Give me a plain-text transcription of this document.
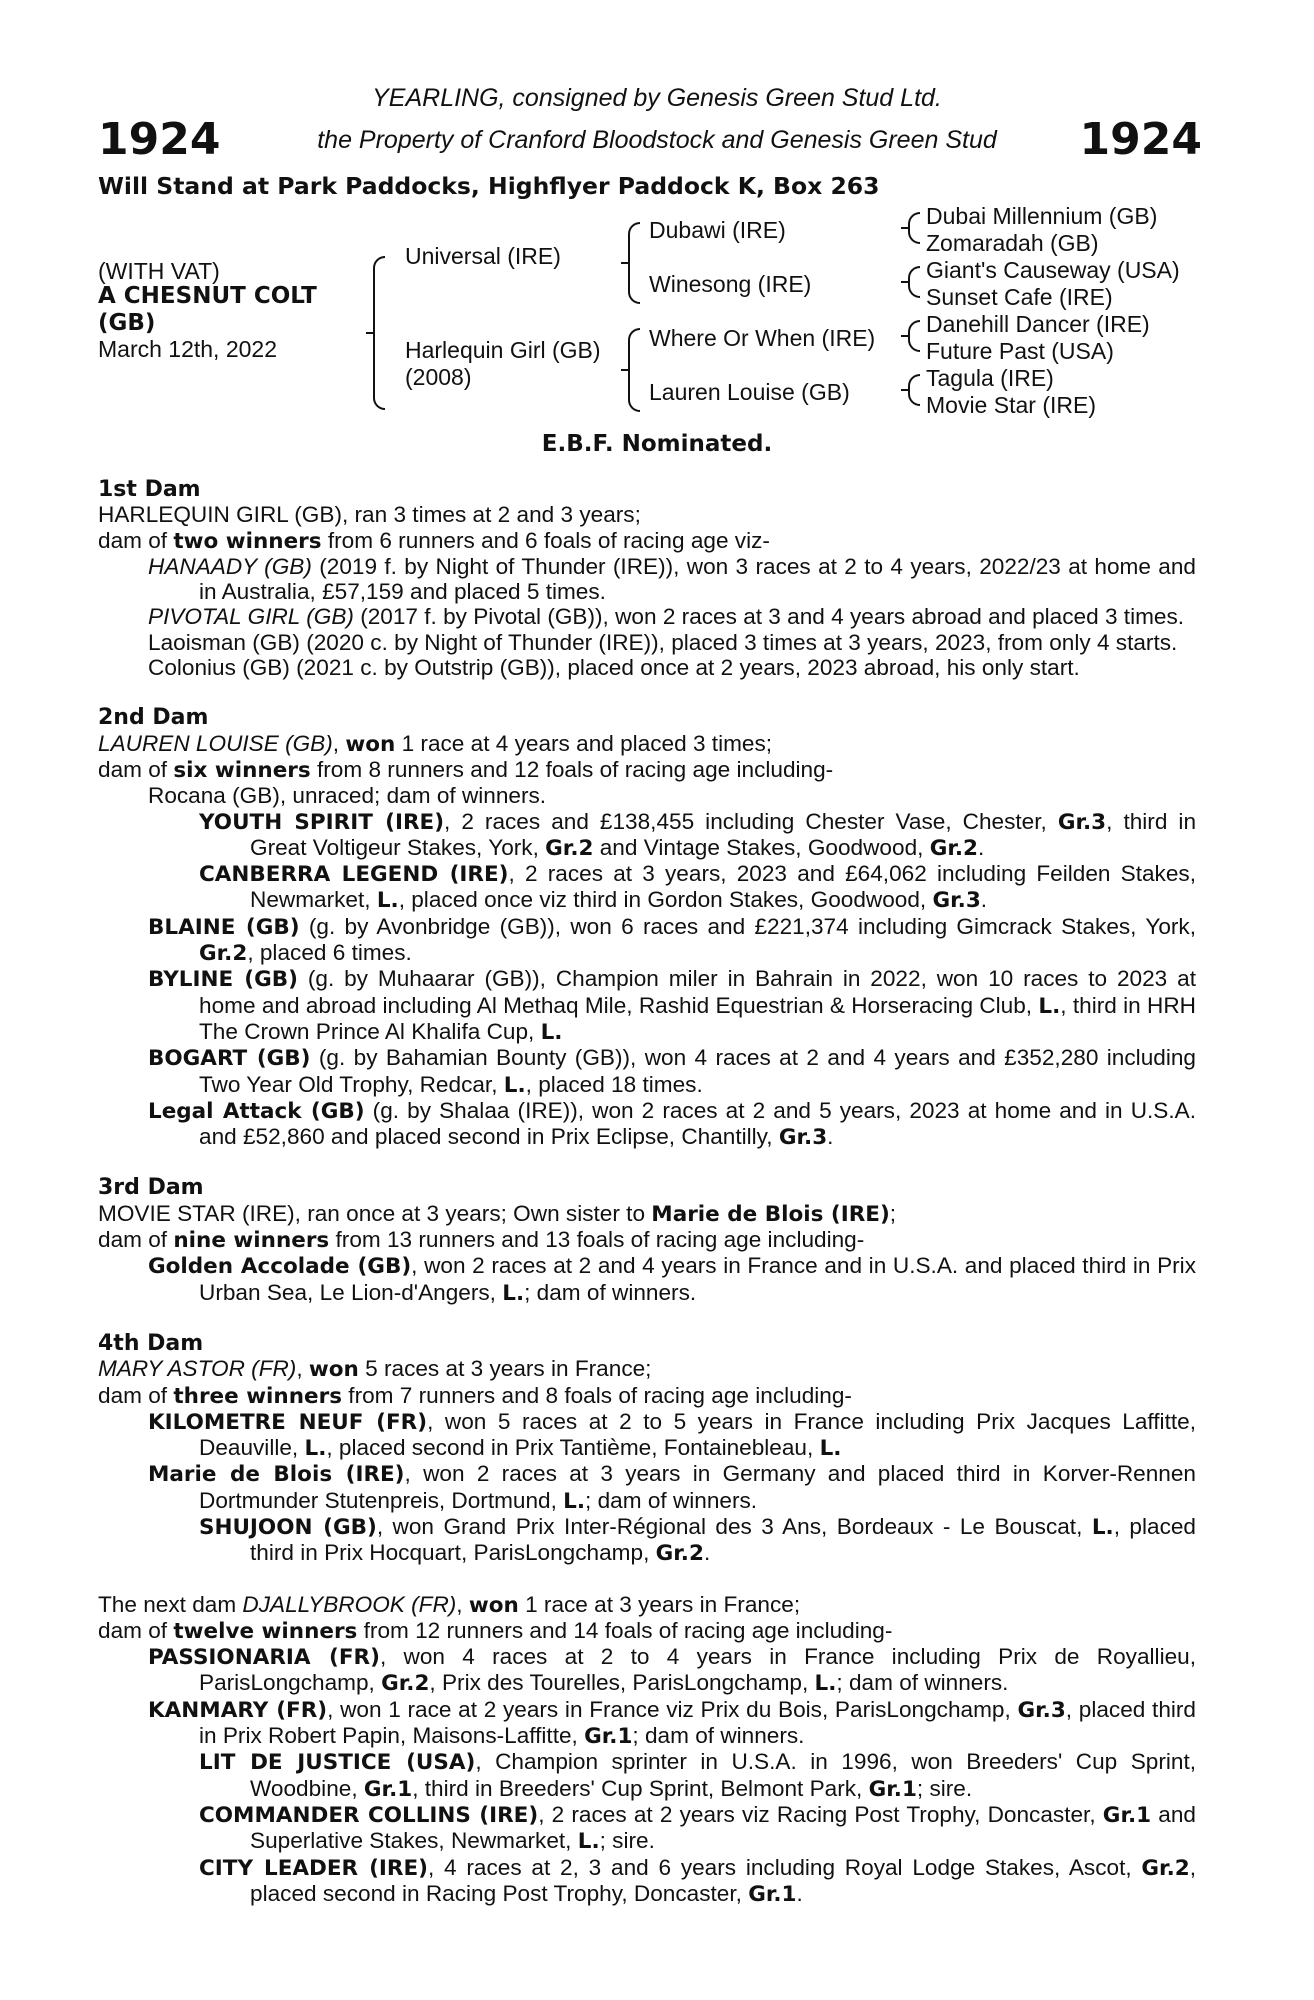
1924	1924
YEARLING, consigned by Genesis Green Stud Ltd.
the Property of Cranford Bloodstock and Genesis Green Stud
Will Stand at Park Paddocks, Highflyer Paddock K, Box 263
(WITH VAT)
A CHESNUT COLT
(GB)
March 12th, 2022
Universal (IRE)
Harlequin Girl (GB)
(2008)
Dubawi (IRE)
Winesong (IRE)
Where Or When (IRE)
Lauren Louise (GB)
Dubai Millennium (GB)
Zomaradah (GB)
Giant's Causeway (USA)
Sunset Cafe (IRE)
Danehill Dancer (IRE)
Future Past (USA)
Tagula (IRE)
Movie Star (IRE)
E.B.F. Nominated.
1st Dam
HARLEQUIN GIRL (GB), ran 3 times at 2 and 3 years;
dam of two winners from 6 runners and 6 foals of racing age viz-
HANAADY (GB) (2019 f. by Night of Thunder (IRE)), won 3 races at 2 to 4 years, 2022/23 at home and in Australia, £57,159 and placed 5 times.
PIVOTAL GIRL (GB) (2017 f. by Pivotal (GB)), won 2 races at 3 and 4 years abroad and placed 3 times.
Laoisman (GB) (2020 c. by Night of Thunder (IRE)), placed 3 times at 3 years, 2023, from only 4 starts.
Colonius (GB) (2021 c. by Outstrip (GB)), placed once at 2 years, 2023 abroad, his only start.
2nd Dam
LAUREN LOUISE (GB), won 1 race at 4 years and placed 3 times;
dam of six winners from 8 runners and 12 foals of racing age including-
Rocana (GB), unraced; dam of winners.
YOUTH SPIRIT (IRE), 2 races and £138,455 including Chester Vase, Chester, Gr.3, third in Great Voltigeur Stakes, York, Gr.2 and Vintage Stakes, Goodwood, Gr.2.
CANBERRA LEGEND (IRE), 2 races at 3 years, 2023 and £64,062 including Feilden Stakes, Newmarket, L., placed once viz third in Gordon Stakes, Goodwood, Gr.3.
BLAINE (GB) (g. by Avonbridge (GB)), won 6 races and £221,374 including Gimcrack Stakes, York, Gr.2, placed 6 times.
BYLINE (GB) (g. by Muhaarar (GB)), Champion miler in Bahrain in 2022, won 10 races to 2023 at home and abroad including Al Methaq Mile, Rashid Equestrian & Horseracing Club, L., third in HRH The Crown Prince Al Khalifa Cup, L.
BOGART (GB) (g. by Bahamian Bounty (GB)), won 4 races at 2 and 4 years and £352,280 including Two Year Old Trophy, Redcar, L., placed 18 times.
Legal Attack (GB) (g. by Shalaa (IRE)), won 2 races at 2 and 5 years, 2023 at home and in U.S.A. and £52,860 and placed second in Prix Eclipse, Chantilly, Gr.3.
3rd Dam
MOVIE STAR (IRE), ran once at 3 years; Own sister to Marie de Blois (IRE);
dam of nine winners from 13 runners and 13 foals of racing age including-
Golden Accolade (GB), won 2 races at 2 and 4 years in France and in U.S.A. and placed third in Prix Urban Sea, Le Lion-d'Angers, L.; dam of winners.
4th Dam
MARY ASTOR (FR), won 5 races at 3 years in France;
dam of three winners from 7 runners and 8 foals of racing age including-
KILOMETRE NEUF (FR), won 5 races at 2 to 5 years in France including Prix Jacques Laffitte, Deauville, L., placed second in Prix Tantième, Fontainebleau, L.
Marie de Blois (IRE), won 2 races at 3 years in Germany and placed third in Korver-Rennen Dortmunder Stutenpreis, Dortmund, L.; dam of winners.
SHUJOON (GB), won Grand Prix Inter-Régional des 3 Ans, Bordeaux - Le Bouscat, L., placed third in Prix Hocquart, ParisLongchamp, Gr.2.
The next dam DJALLYBROOK (FR), won 1 race at 3 years in France;
dam of twelve winners from 12 runners and 14 foals of racing age including-
PASSIONARIA (FR), won 4 races at 2 to 4 years in France including Prix de Royallieu, ParisLongchamp, Gr.2, Prix des Tourelles, ParisLongchamp, L.; dam of winners.
KANMARY (FR), won 1 race at 2 years in France viz Prix du Bois, ParisLongchamp, Gr.3, placed third in Prix Robert Papin, Maisons-Laffitte, Gr.1; dam of winners.
LIT DE JUSTICE (USA), Champion sprinter in U.S.A. in 1996, won Breeders' Cup Sprint, Woodbine, Gr.1, third in Breeders' Cup Sprint, Belmont Park, Gr.1; sire.
COMMANDER COLLINS (IRE), 2 races at 2 years viz Racing Post Trophy, Doncaster, Gr.1 and Superlative Stakes, Newmarket, L.; sire.
CITY LEADER (IRE), 4 races at 2, 3 and 6 years including Royal Lodge Stakes, Ascot, Gr.2, placed second in Racing Post Trophy, Doncaster, Gr.1.
